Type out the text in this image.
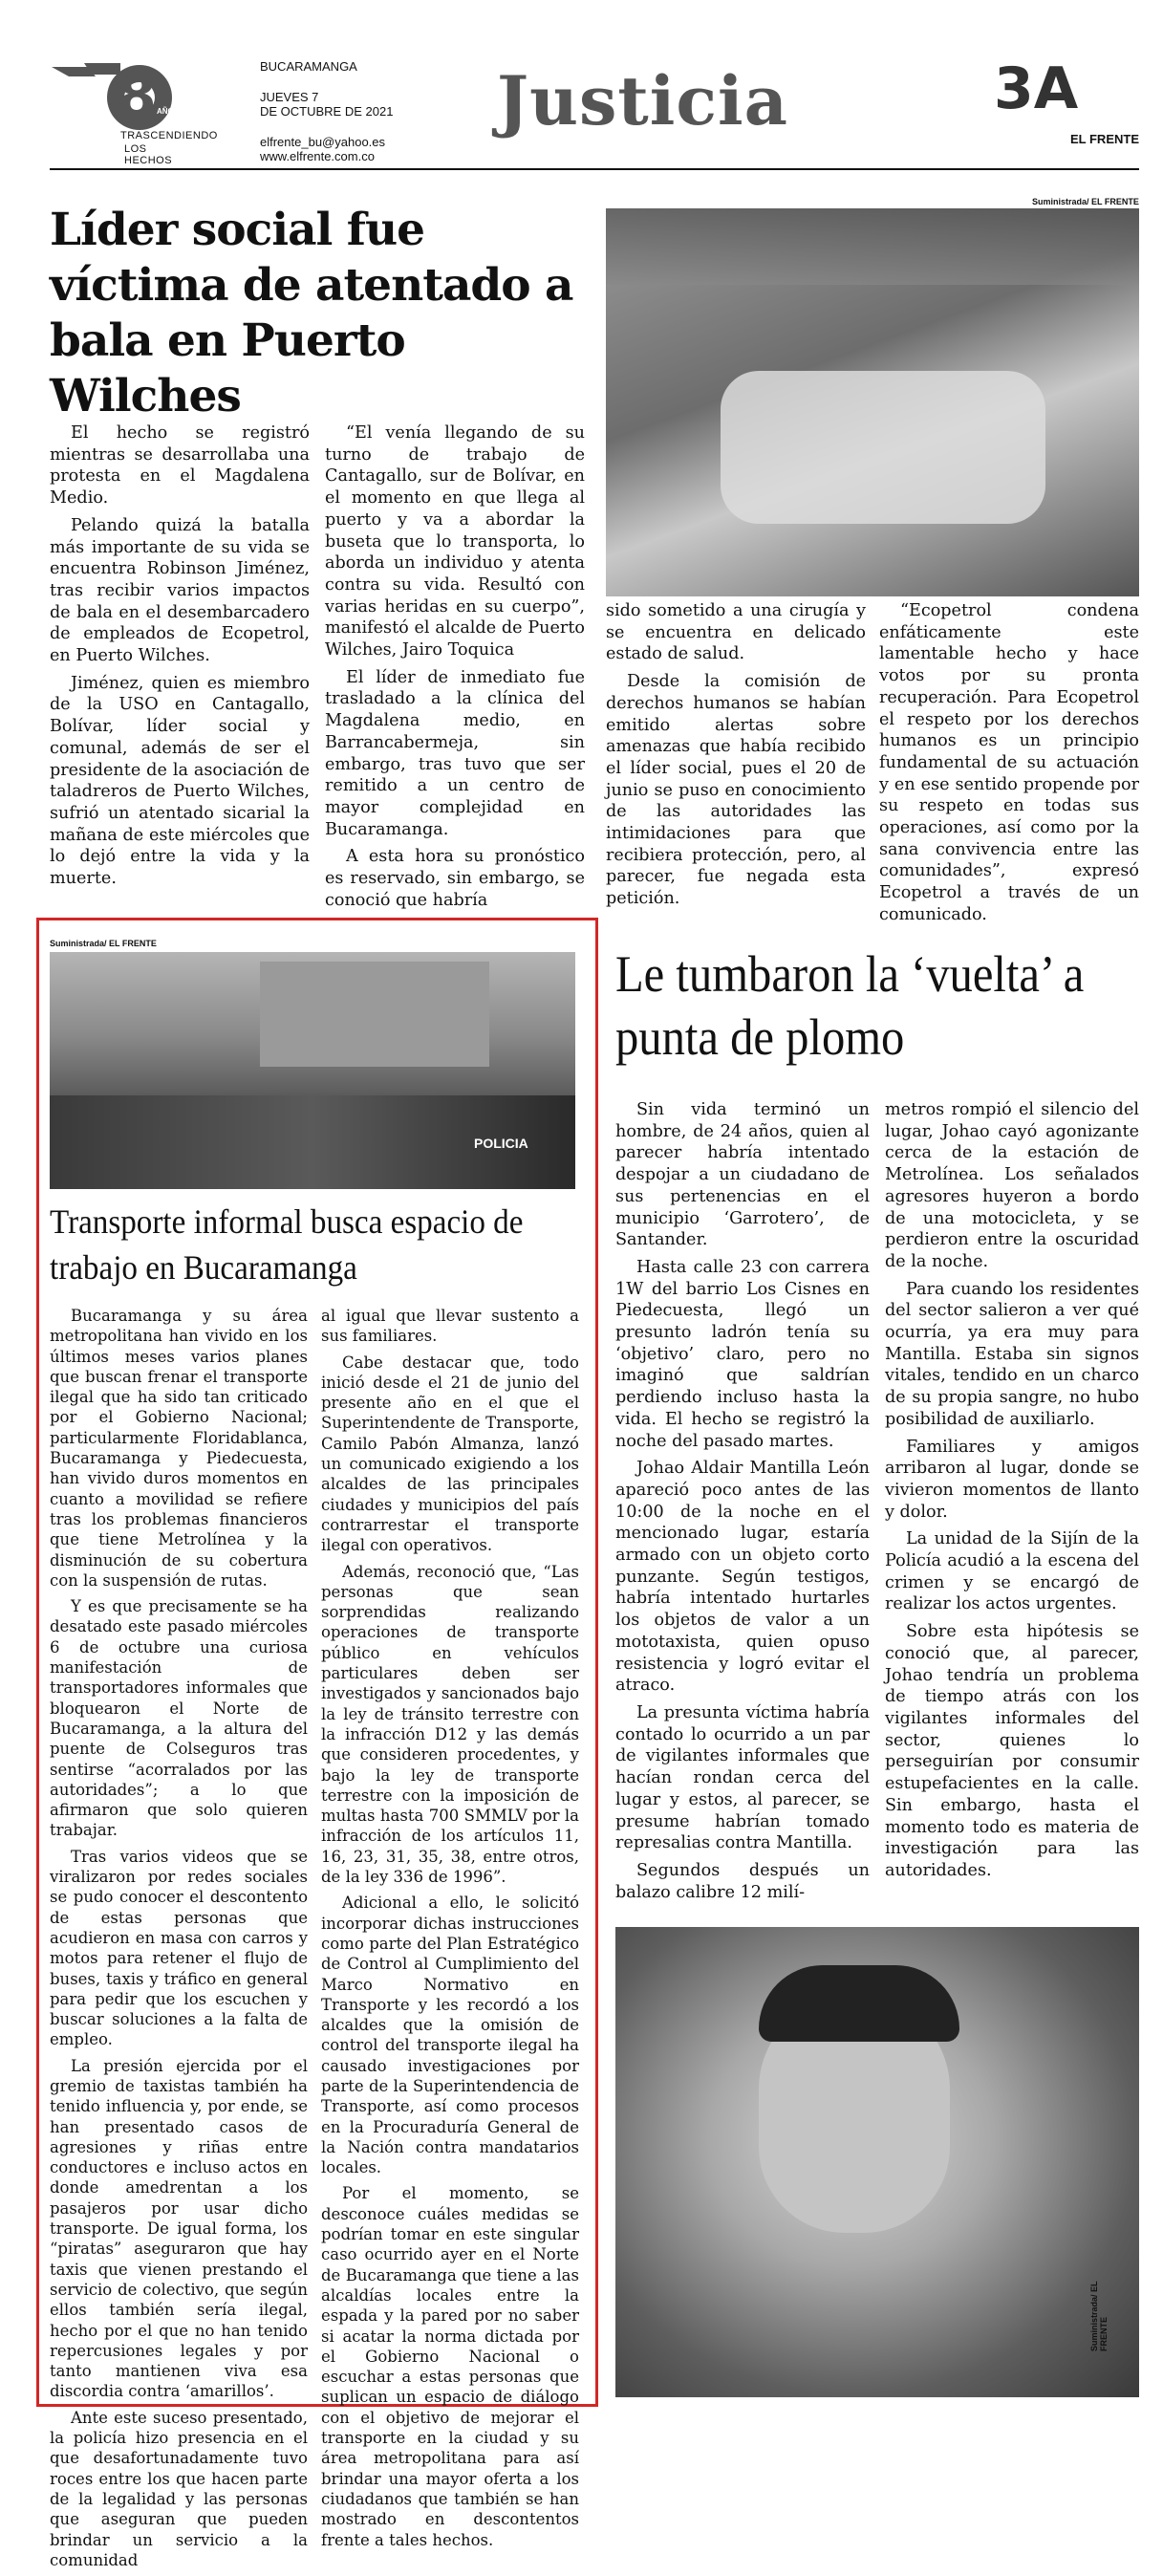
8 AÑOS
TRASCENDIENDO
LOS HECHOS
BUCARAMANGA
JUEVES 7
DE OCTUBRE DE 2021
elfrente_bu@yahoo.es
www.elfrente.com.co
Justicia	3A
EL FRENTE
Líder social fue víctima de atentado a bala en Puerto Wilches
Suministrada/ EL FRENTE

El hecho se registró mientras se desarrollaba una protesta en el Magdalena Medio.

Pelando quizá la batalla más importante de su vida se encuentra Robinson Jiménez, tras recibir varios impactos de bala en el desembarcadero de empleados de Ecopetrol, en Puerto Wilches.

Jiménez, quien es miembro de la USO en Cantagallo, Bolívar, líder social y comunal, además de ser el presidente de la asociación de taladreros de Puerto Wilches, sufrió un atentado sicarial la mañana de este miércoles que lo dejó entre la vida y la muerte.

“El venía llegando de su turno de trabajo de Cantagallo, sur de Bolívar, en el momento en que llega al puerto y va a abordar la buseta que lo transporta, lo aborda un individuo y atenta contra su vida. Resultó con varias heridas en su cuerpo”, manifestó el alcalde de Puerto Wilches, Jairo Toquica

El líder de inmediato fue trasladado a la clínica del Magdalena medio, en Barrancabermeja, sin embargo, tras tuvo que ser remitido a un centro de mayor complejidad en Bucaramanga.

A esta hora su pronóstico es reservado, sin embargo, se conoció que habría

sido sometido a una cirugía y se encuentra en delicado estado de salud.

Desde la comisión de derechos humanos se habían emitido alertas sobre amenazas que había recibido el líder social, pues el 20 de junio se puso en conocimiento de las autoridades las intimidaciones para que recibiera protección, pero, al parecer, fue negada esta petición.

“Ecopetrol condena enfáticamente este lamentable hecho y hace votos por su pronta recuperación. Para Ecopetrol el respeto por los derechos humanos es un principio fundamental de su actuación y en ese sentido propende por su respeto en todas sus operaciones, así como por la sana convivencia entre las comunidades”, expresó Ecopetrol a través de un comunicado.

Suministrada/ EL FRENTE
POLICIA
Transporte informal busca espacio de trabajo en Bucaramanga

Bucaramanga y su área metropolitana han vivido en los últimos meses varios planes que buscan frenar el transporte ilegal que ha sido tan criticado por el Gobierno Nacional; particularmente Floridablanca, Bucaramanga y Piedecuesta, han vivido duros momentos en cuanto a movilidad se refiere tras los problemas financieros que tiene Metrolínea y la disminución de su cobertura con la suspensión de rutas.

Y es que precisamente se ha desatado este pasado miércoles 6 de octubre una curiosa manifestación de transportadores informales que bloquearon el Norte de Bucaramanga, a la altura del puente de Colseguros tras sentirse “acorralados por las autoridades”; a lo que afirmaron que solo quieren trabajar.

Tras varios videos que se viralizaron por redes sociales se pudo conocer el descontento de estas personas que acudieron en masa con carros y motos para retener el flujo de buses, taxis y tráfico en general para pedir que los escuchen y buscar soluciones a la falta de empleo.

La presión ejercida por el gremio de taxistas también ha tenido influencia y, por ende, se han presentado casos de agresiones y riñas entre conductores e incluso actos en donde amedrentan a los pasajeros por usar dicho transporte. De igual forma, los “piratas” aseguraron que hay taxis que vienen prestando el servicio de colectivo, que según ellos también sería ilegal, hecho por el que no han tenido repercusiones legales y por tanto mantienen viva esa discordia contra ‘amarillos’.

Ante este suceso presentado, la policía hizo presencia en el que desafortunadamente tuvo roces entre los que hacen parte de la legalidad y las personas que aseguran que pueden brindar un servicio a la comunidad

al igual que llevar sustento a sus familiares.

Cabe destacar que, todo inició desde el 21 de junio del presente año en el que el Superintendente de Transporte, Camilo Pabón Almanza, lanzó un comunicado exigiendo a los alcaldes de las principales ciudades y municipios del país contrarrestar el transporte ilegal con operativos.

Además, reconoció que, “Las personas que sean sorprendidas realizando operaciones de transporte público en vehículos particulares deben ser investigados y sancionados bajo la ley de tránsito terrestre con la infracción D12 y las demás que consideren procedentes, y bajo la ley de transporte terrestre con la imposición de multas hasta 700 SMMLV por la infracción de los artículos 11, 16, 23, 31, 35, 38, entre otros, de la ley 336 de 1996”.

Adicional a ello, le solicitó incorporar dichas instrucciones como parte del Plan Estratégico de Control al Cumplimiento del Marco Normativo en Transporte y les recordó a los alcaldes que la omisión de control del transporte ilegal ha causado investigaciones por parte de la Superintendencia de Transporte, así como procesos en la Procuraduría General de la Nación contra mandatarios locales.

Por el momento, se desconoce cuáles medidas se podrían tomar en este singular caso ocurrido ayer en el Norte de Bucaramanga que tiene a las alcaldías locales entre la espada y la pared por no saber si acatar la norma dictada por el Gobierno Nacional o escuchar a estas personas que suplican un espacio de diálogo con el objetivo de mejorar el transporte en la ciudad y su área metropolitana para así brindar una mayor oferta a los ciudadanos que también se han mostrado en descontentos frente a tales hechos.

Le tumbaron la ‘vuelta’ a punta de plomo

Sin vida terminó un hombre, de 24 años, quien al parecer habría intentado despojar a un ciudadano de sus pertenencias en el municipio ‘Garrotero’, de Santander.

Hasta calle 23 con carrera 1W del barrio Los Cisnes en Piedecuesta, llegó un presunto ladrón tenía su ‘objetivo’ claro, pero no imaginó que saldrían perdiendo incluso hasta la vida. El hecho se registró la noche del pasado martes.

Johao Aldair Mantilla León apareció poco antes de las 10:00 de la noche en el mencionado lugar, estaría armado con un objeto corto punzante. Según testigos, habría intentado hurtarles los objetos de valor a un mototaxista, quien opuso resistencia y logró evitar el atraco.

La presunta víctima habría contado lo ocurrido a un par de vigilantes informales que hacían rondan cerca del lugar y estos, al parecer, se presume habrían tomado represalias contra Mantilla.

Segundos después un balazo calibre 12 milí-

metros rompió el silencio del lugar, Johao cayó agonizante cerca de la estación de Metrolínea. Los señalados agresores huyeron a bordo de una motocicleta, y se perdieron entre la oscuridad de la noche.

Para cuando los residentes del sector salieron a ver qué ocurría, ya era muy para Mantilla. Estaba sin signos vitales, tendido en un charco de su propia sangre, no hubo posibilidad de auxiliarlo.

Familiares y amigos arribaron al lugar, donde se vivieron momentos de llanto y dolor.

La unidad de la Sijín de la Policía acudió a la escena del crimen y se encargó de realizar los actos urgentes.

Sobre esta hipótesis se conoció que, al parecer, Johao tendría un problema de tiempo atrás con los vigilantes informales del sector, quienes lo perseguirían por consumir estupefacientes en la calle. Sin embargo, hasta el momento todo es materia de investigación para las autoridades.

Suministrada/ EL FRENTE
